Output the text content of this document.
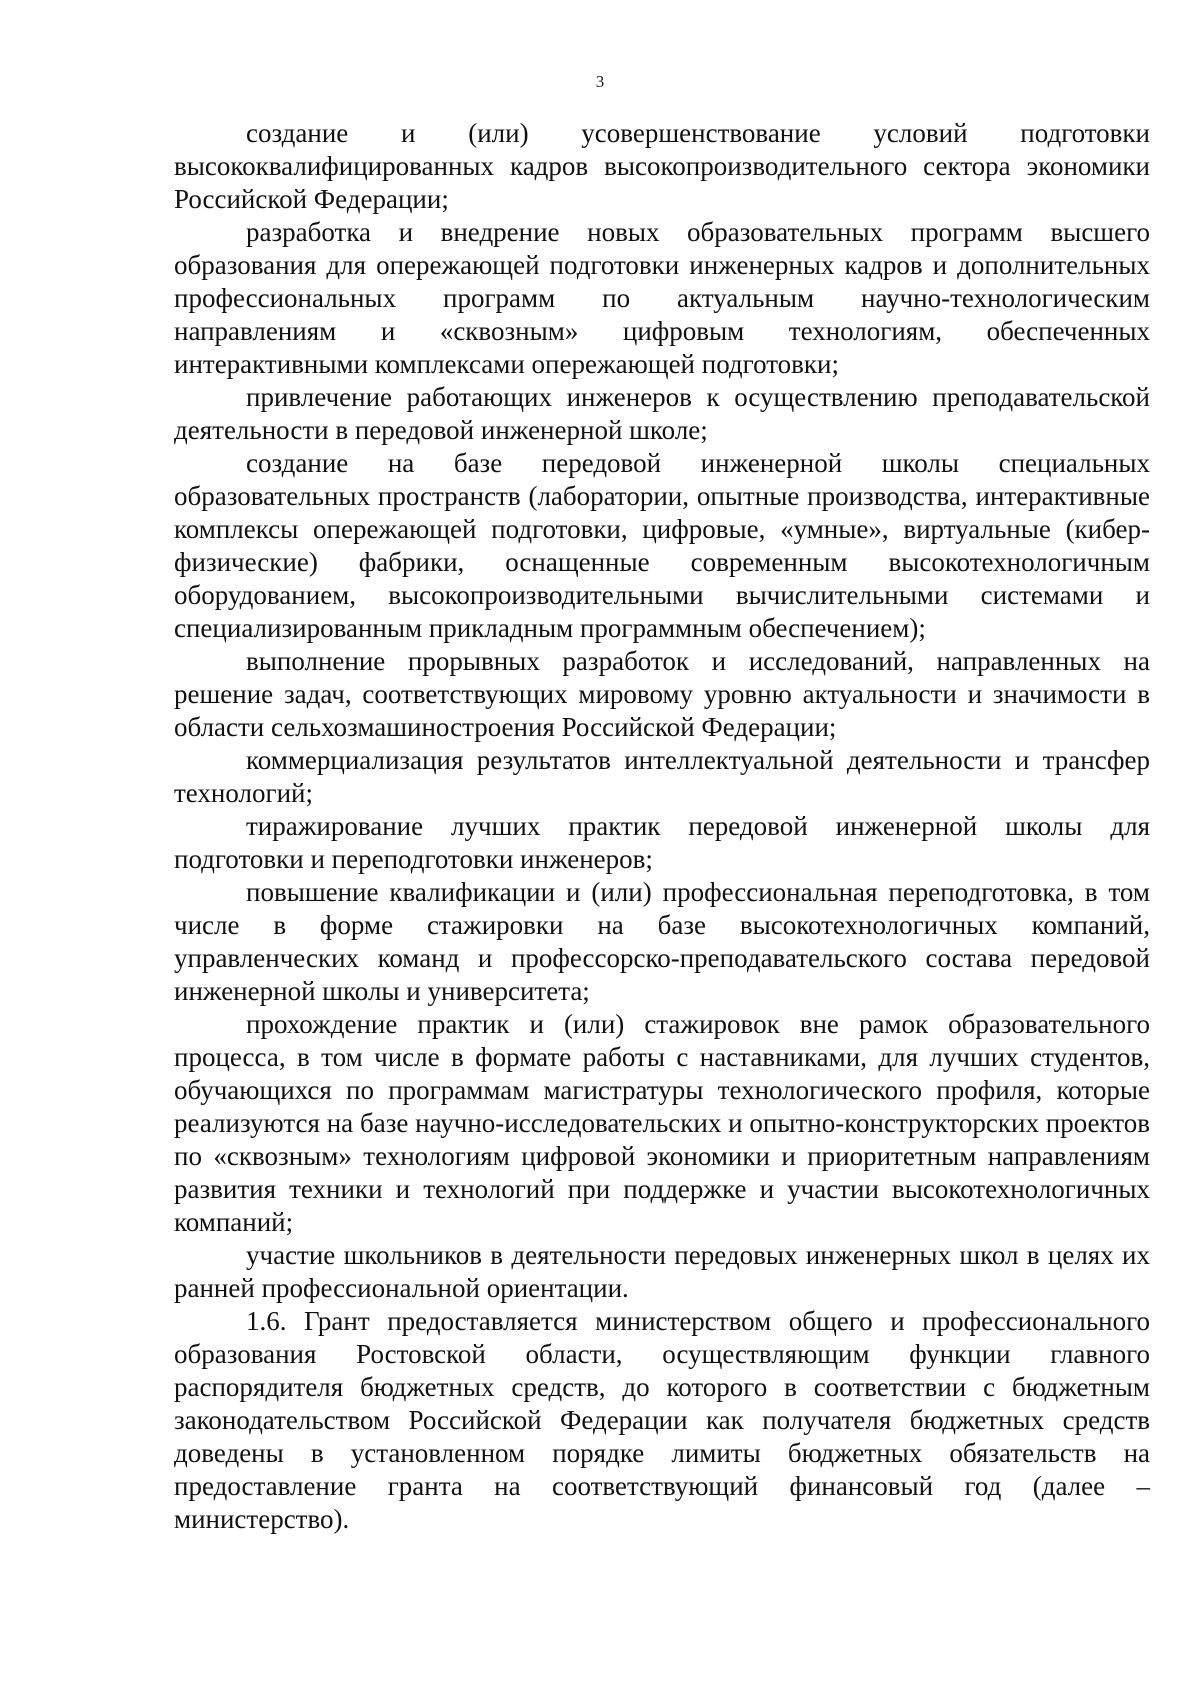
3

создание и (или) усовершенствование условий подготовки высококвалифицированных кадров высокопроизводительного сектора экономики Российской Федерации;

разработка и внедрение новых образовательных программ высшего образования для опережающей подготовки инженерных кадров и дополнительных профессиональных программ по актуальным научно-технологическим направлениям и «сквозным» цифровым технологиям, обеспеченных интерактивными комплексами опережающей подготовки;

привлечение работающих инженеров к осуществлению преподавательской деятельности в передовой инженерной школе;

создание на базе передовой инженерной школы специальных образовательных пространств (лаборатории, опытные производства, интерактивные комплексы опережающей подготовки, цифровые, «умные», виртуальные (кибер-физические) фабрики, оснащенные современным высокотехнологичным оборудованием, высокопроизводительными вычислительными системами и специализированным прикладным программным обеспечением);

выполнение прорывных разработок и исследований, направленных на решение задач, соответствующих мировому уровню актуальности и значимости в области сельхозмашиностроения Российской Федерации;

коммерциализация результатов интеллектуальной деятельности и трансфер технологий;

тиражирование лучших практик передовой инженерной школы для подготовки и переподготовки инженеров;

повышение квалификации и (или) профессиональная переподготовка, в том числе в форме стажировки на базе высокотехнологичных компаний, управленческих команд и профессорско-преподавательского состава передовой инженерной школы и университета;

прохождение практик и (или) стажировок вне рамок образовательного процесса, в том числе в формате работы с наставниками, для лучших студентов, обучающихся по программам магистратуры технологического профиля, которые реализуются на базе научно-исследовательских и опытно-конструкторских проектов по «сквозным» технологиям цифровой экономики и приоритетным направлениям развития техники и технологий при поддержке и участии высокотехнологичных компаний;

участие школьников в деятельности передовых инженерных школ в целях их ранней профессиональной ориентации.

1.6. Грант предоставляется министерством общего и профессионального образования Ростовской области, осуществляющим функции главного распорядителя бюджетных средств, до которого в соответствии с бюджетным законодательством Российской Федерации как получателя бюджетных средств доведены в установленном порядке лимиты бюджетных обязательств на предоставление гранта на соответствующий финансовый год (далее – министерство).
